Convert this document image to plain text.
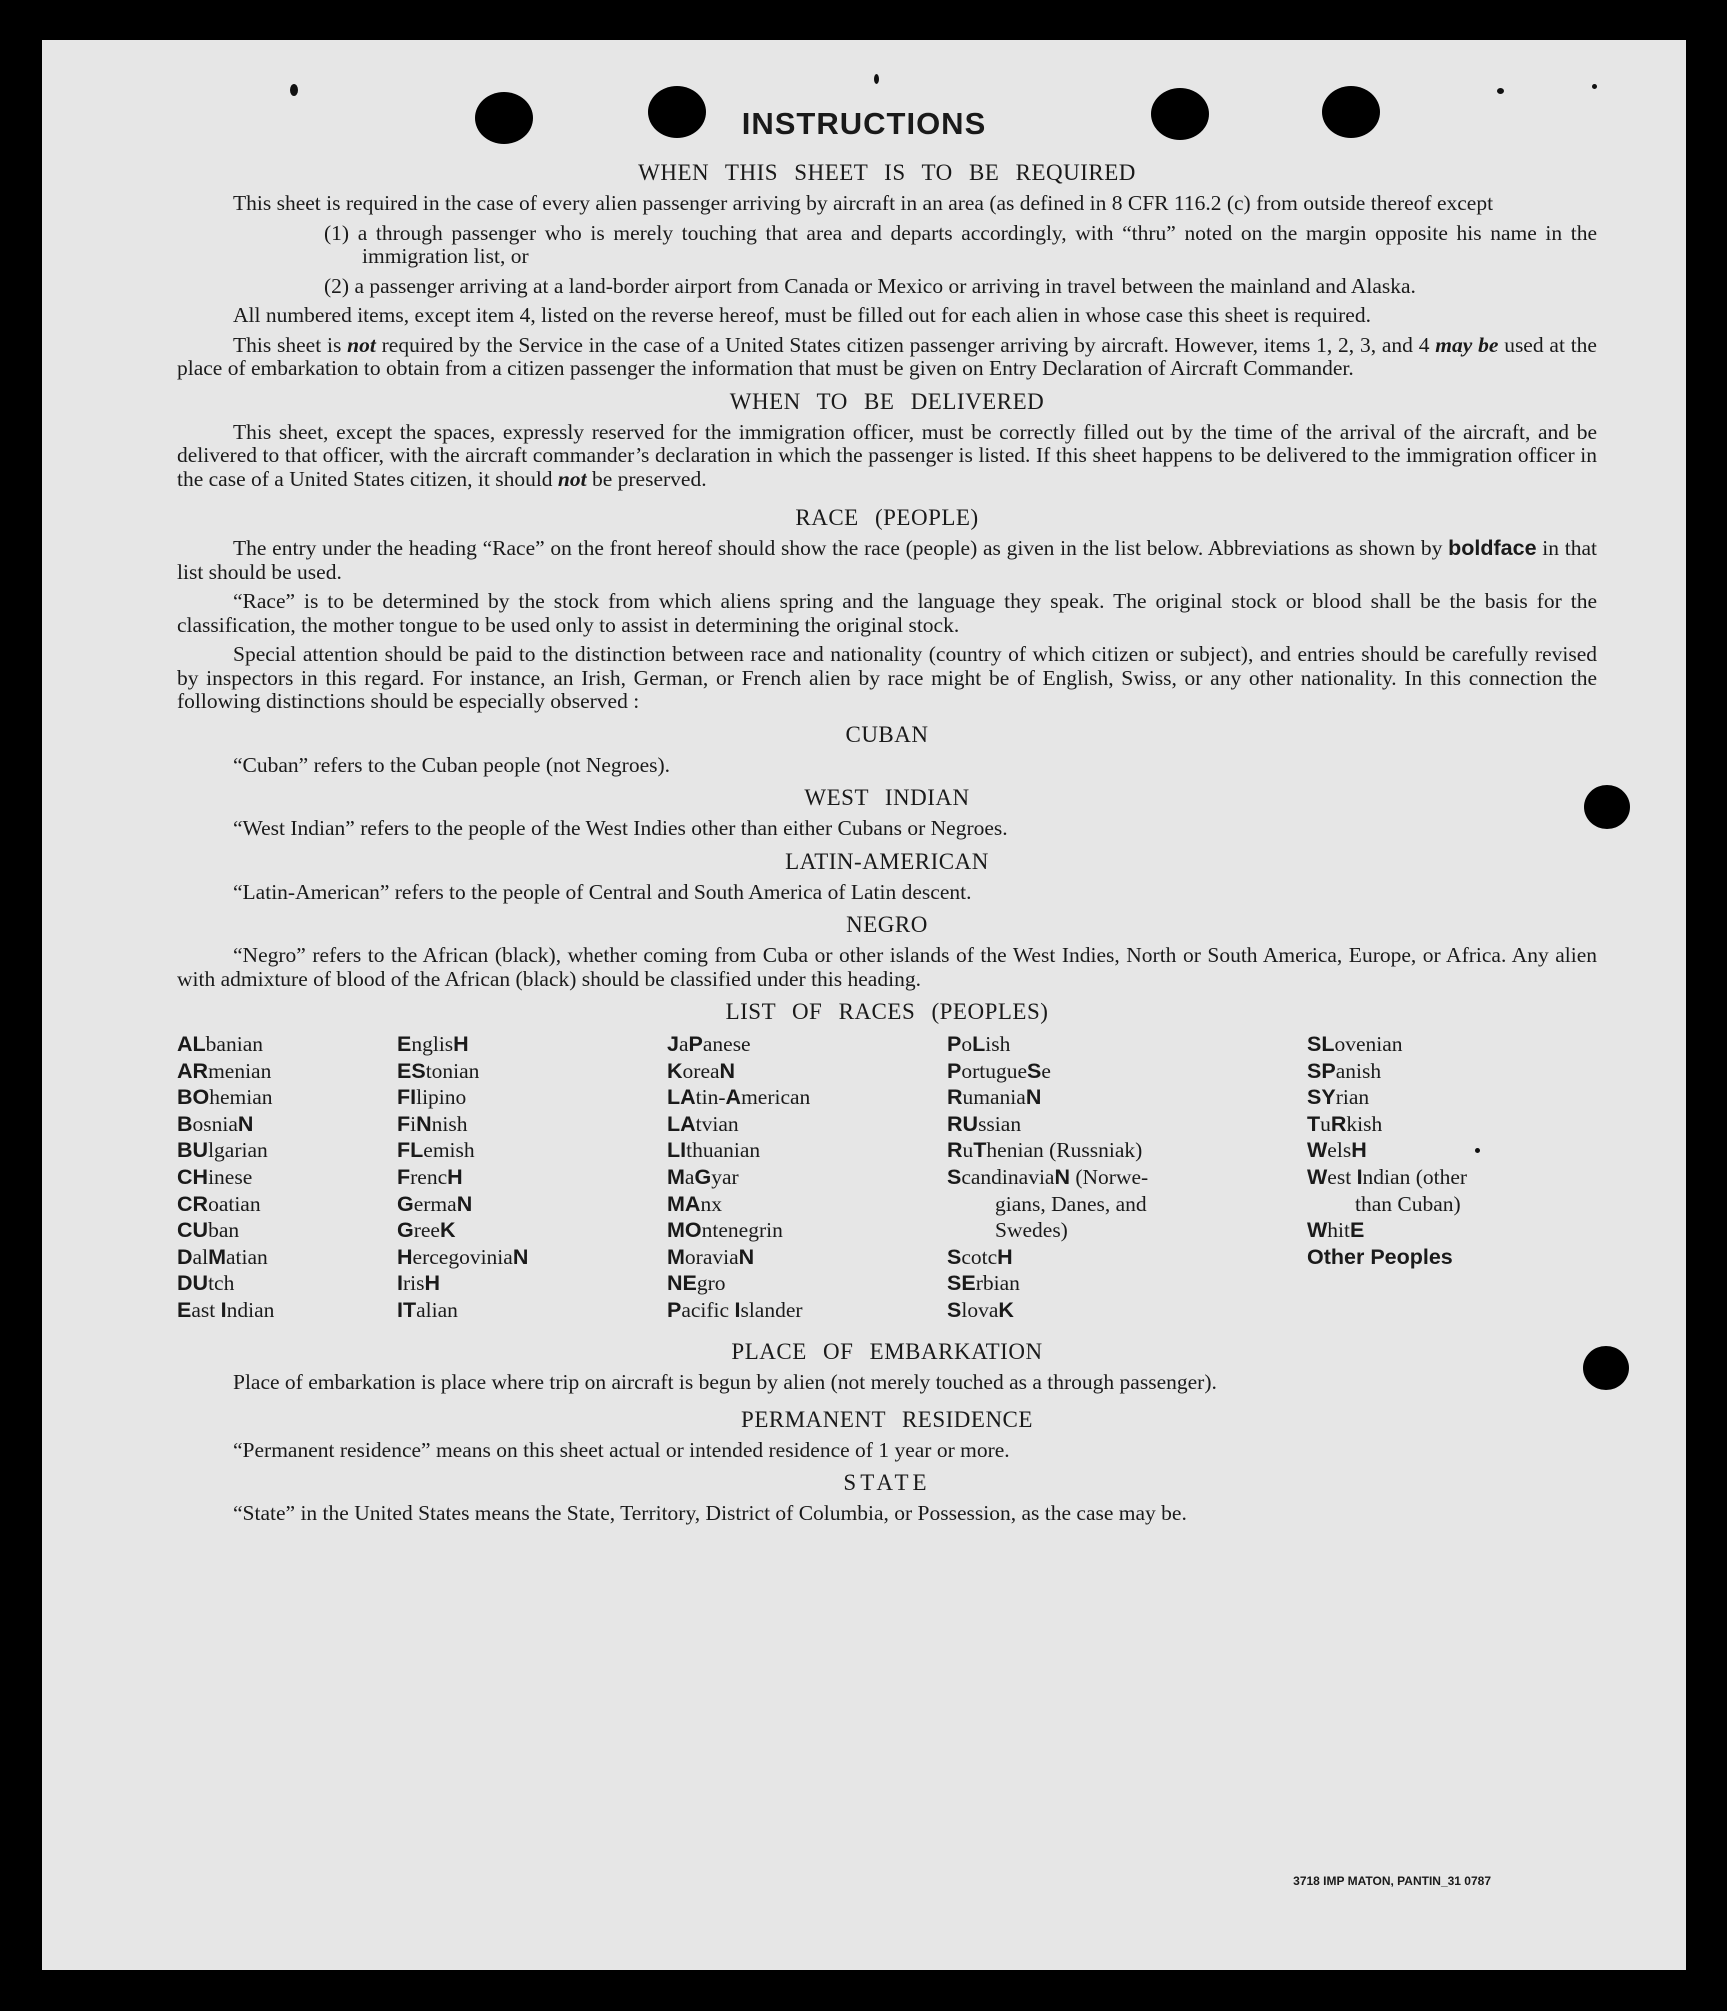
INSTRUCTIONS
WHEN THIS SHEET IS TO BE REQUIRED

This sheet is required in the case of every alien passenger arriving by aircraft in an area (as defined in 8 CFR 116.2 (c) from outside thereof except

(1) a through passenger who is merely touching that area and departs accordingly, with “thru” noted on the margin opposite his name in the immigration list, or

(2) a passenger arriving at a land-border airport from Canada or Mexico or arriving in travel between the mainland and Alaska.

All numbered items, except item 4, listed on the reverse hereof, must be filled out for each alien in whose case this sheet is required.

This sheet is not required by the Service in the case of a United States citizen passenger arriving by aircraft. However, items 1, 2, 3, and 4 may be used at the place of embarkation to obtain from a citizen passenger the information that must be given on Entry Declaration of Aircraft Commander.

WHEN TO BE DELIVERED

This sheet, except the spaces, expressly reserved for the immigration officer, must be correctly filled out by the time of the arrival of the aircraft, and be delivered to that officer, with the aircraft commander’s declaration in which the passenger is listed. If this sheet happens to be delivered to the immigration officer in the case of a United States citizen, it should not be preserved.

RACE (PEOPLE)

The entry under the heading “Race” on the front hereof should show the race (people) as given in the list below. Abbreviations as shown by boldface in that list should be used.

“Race” is to be determined by the stock from which aliens spring and the language they speak. The original stock or blood shall be the basis for the classification, the mother tongue to be used only to assist in determining the original stock.

Special attention should be paid to the distinction between race and nationality (country of which citizen or subject), and entries should be carefully revised by inspectors in this regard. For instance, an Irish, German, or French alien by race might be of English, Swiss, or any other nationality. In this connection the following distinctions should be especially observed :

CUBAN

“Cuban” refers to the Cuban people (not Negroes).

WEST INDIAN

“West Indian” refers to the people of the West Indies other than either Cubans or Negroes.

LATIN-AMERICAN

“Latin-American” refers to the people of Central and South America of Latin descent.

NEGRO

“Negro” refers to the African (black), whether coming from Cuba or other islands of the West Indies, North or South America, Europe, or Africa. Any alien with admixture of blood of the African (black) should be classified under this heading.

LIST OF RACES (PEOPLES)
ALbanian
ARmenian
BOhemian
BosniaN
BUlgarian
CHinese
CRoatian
CUban
DalMatian
DUtch
East Indian
EnglisH
EStonian
FIlipino
FiNnish
FLemish
FrencH
GermaN
GreeK
HercegoviniaN
IrisH
ITalian
JaPanese
KoreaN
LAtin-American
LAtvian
LIthuanian
MaGyar
MAnx
MOntenegrin
MoraviaN
NEgro
Pacific Islander
PoLish
PortugueSe
RumaniaN
RUssian
RuThenian (Russniak)
ScandinaviaN (Norwe-
gians, Danes, and
Swedes)
ScotcH
SErbian
SlovaK
SLovenian
SPanish
SYrian
TuRkish
WelsH
West Indian (other
than Cuban)
WhitE
Other Peoples
PLACE OF EMBARKATION

Place of embarkation is place where trip on aircraft is begun by alien (not merely touched as a through passenger).

PERMANENT RESIDENCE

“Permanent residence” means on this sheet actual or intended residence of 1 year or more.

STATE

“State” in the United States means the State, Territory, District of Columbia, or Possession, as the case may be.

3718 IMP MATON, PANTIN_31 0787
